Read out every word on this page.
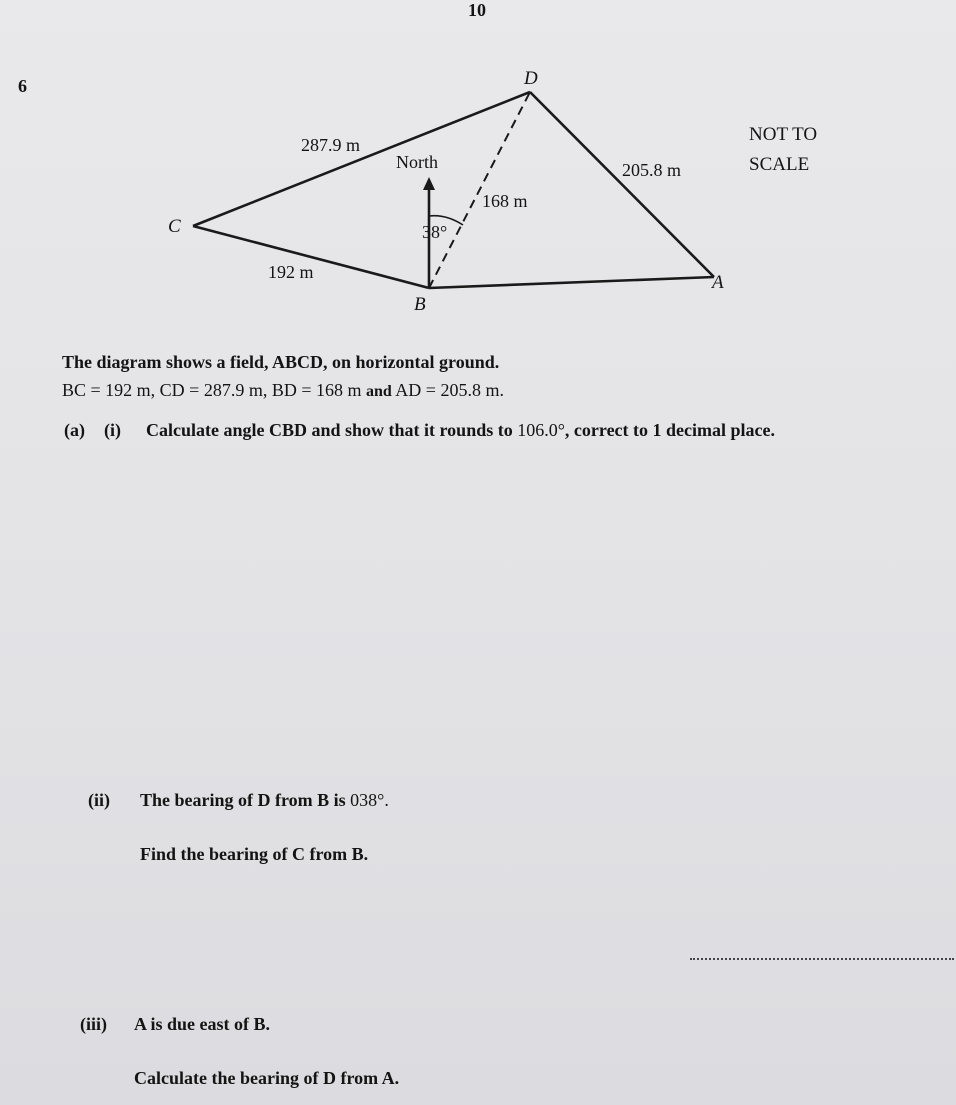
10
6	D
C
B
A
North
287.9 m
205.8 m
168 m
192 m
38°
NOT TO
SCALE
The diagram shows a field, ABCD, on horizontal ground.
BC = 192 m, CD = 287.9 m, BD = 168 m and AD = 205.8 m.
(a) (i) Calculate angle CBD and show that it rounds to 106.0°, correct to 1 decimal place.
(ii) The bearing of D from B is 038°.
Find the bearing of C from B.
(iii) A is due east of B.
Calculate the bearing of D from A.
